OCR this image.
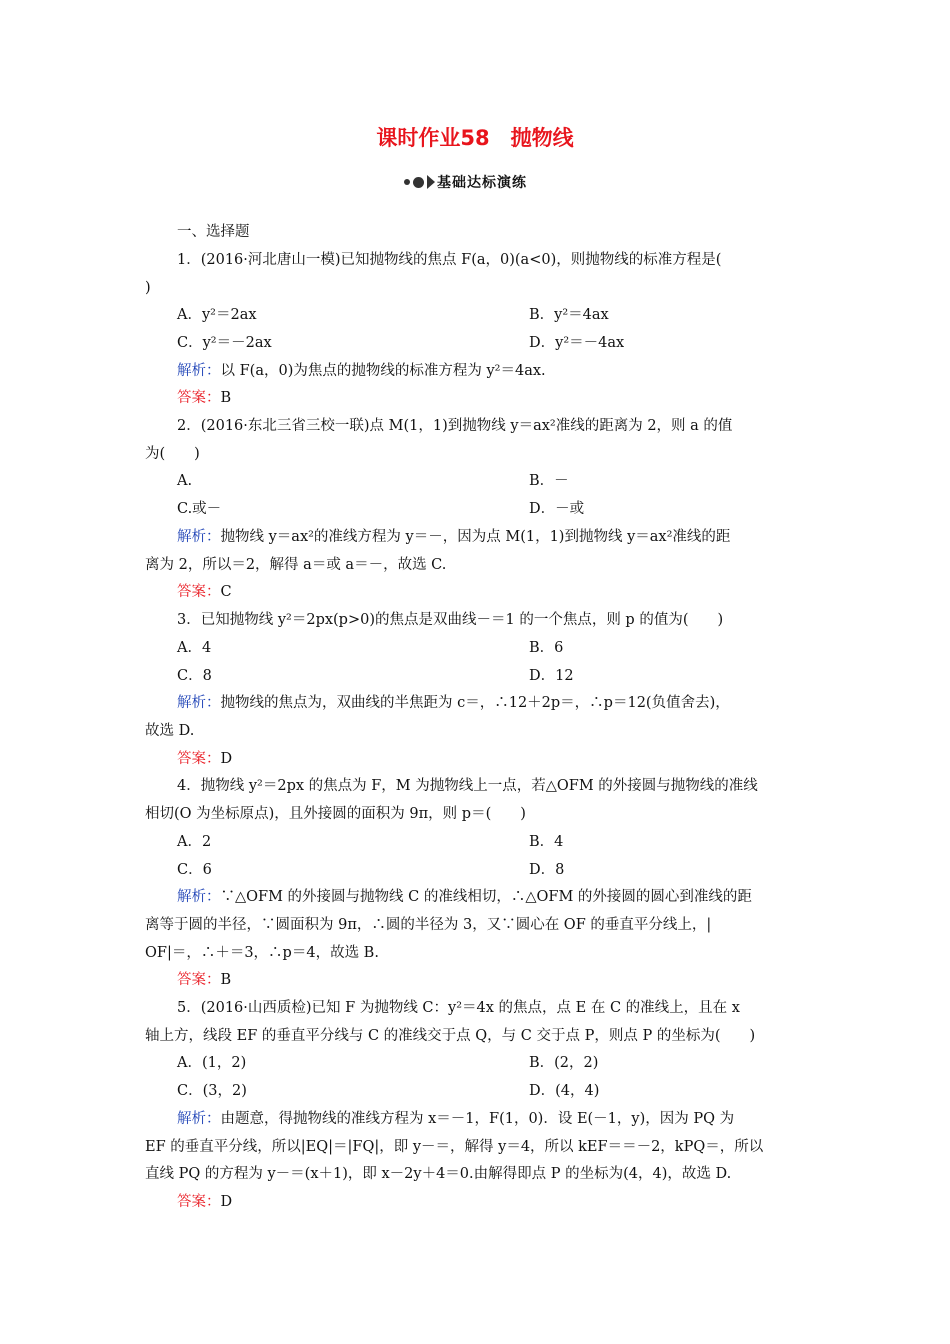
课时作业58　抛物线
基础达标演练
一、选择题
1．(2016·河北唐山一模)已知抛物线的焦点 F(a，0)(a<0)，则抛物线的标准方程是(
)
A．y²＝2ax	B．y²＝4ax
C．y²＝－2ax	D．y²＝－4ax
解析：以 F(a，0)为焦点的抛物线的标准方程为 y²＝4ax.
答案：B
2．(2016·东北三省三校一联)点 M(1，1)到抛物线 y＝ax²准线的距离为 2，则 a 的值
为(　　)
A.	B．－
C.或－	D．－或
解析：抛物线 y＝ax²的准线方程为 y＝－，因为点 M(1，1)到抛物线 y＝ax²准线的距
离为 2，所以＝2，解得 a＝或 a＝－，故选 C.
答案：C
3．已知抛物线 y²＝2px(p>0)的焦点是双曲线－＝1 的一个焦点，则 p 的值为(　　)
A．4	B．6
C．8	D．12
解析：抛物线的焦点为，双曲线的半焦距为 c＝，∴12＋2p＝，∴p＝12(负值舍去)，
故选 D.
答案：D
4．抛物线 y²＝2px 的焦点为 F，M 为抛物线上一点，若△OFM 的外接圆与抛物线的准线
相切(O 为坐标原点)，且外接圆的面积为 9π，则 p＝(　　)
A．2	B．4
C．6	D．8
解析：∵△OFM 的外接圆与抛物线 C 的准线相切，∴△OFM 的外接圆的圆心到准线的距
离等于圆的半径，∵圆面积为 9π，∴圆的半径为 3，又∵圆心在 OF 的垂直平分线上，|
OF|＝，∴＋＝3，∴p＝4，故选 B.
答案：B
5．(2016·山西质检)已知 F 为抛物线 C：y²＝4x 的焦点，点 E 在 C 的准线上，且在 x
轴上方，线段 EF 的垂直平分线与 C 的准线交于点 Q，与 C 交于点 P，则点 P 的坐标为(　　)
A．(1，2)	B．(2，2)
C．(3，2)	D．(4，4)
解析：由题意，得抛物线的准线方程为 x＝－1，F(1，0)．设 E(－1，y)，因为 PQ 为
EF 的垂直平分线，所以|EQ|＝|FQ|，即 y－＝，解得 y＝4，所以 kEF＝＝－2，kPQ＝，所以
直线 PQ 的方程为 y－＝(x＋1)，即 x－2y＋4＝0.由解得即点 P 的坐标为(4，4)，故选 D.
答案：D
